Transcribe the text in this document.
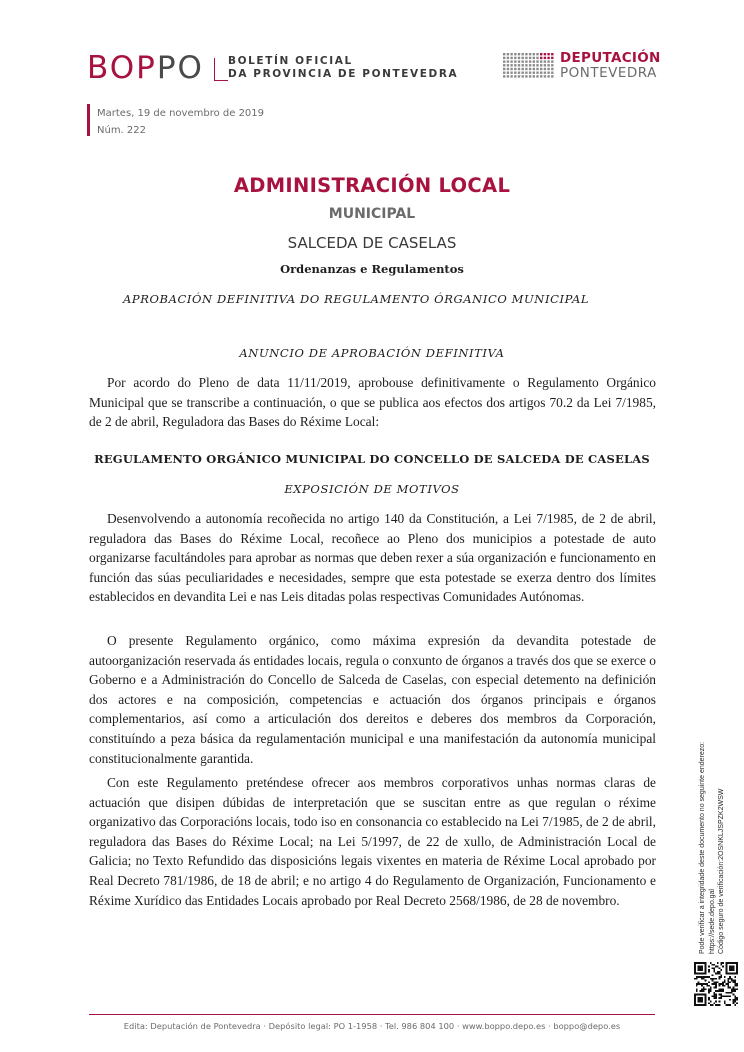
BOPPO BOLETÍN OFICIAL
DA PROVINCIA DE PONTEVEDRA
DEPUTACIÓN
PONTEVEDRA
Martes, 19 de novembro de 2019
Núm. 222
ADMINISTRACIÓN LOCAL
MUNICIPAL
SALCEDA DE CASELAS
Ordenanzas e Regulamentos
APROBACIÓN DEFINITIVA DO REGULAMENTO ÓRGANICO MUNICIPAL
ANUNCIO DE APROBACIÓN DEFINITIVA
Por acordo do Pleno de data 11/11/2019, aprobouse definitivamente o Regulamento Orgánico Municipal que se transcribe a continuación, o que se publica aos efectos dos artigos 70.2 da Lei 7/1985, de 2 de abril, Reguladora das Bases do Réxime Local:
REGULAMENTO ORGÁNICO MUNICIPAL DO CONCELLO DE SALCEDA DE CASELAS
EXPOSICIÓN DE MOTIVOS
Desenvolvendo a autonomía recoñecida no artigo 140 da Constitución, a Lei 7/1985, de 2 de abril, reguladora das Bases do Réxime Local, recoñece ao Pleno dos municipios a potestade de auto organizarse facultándoles para aprobar as normas que deben rexer a súa organización e funcionamento en función das súas peculiaridades e necesidades, sempre que esta potestade se exerza dentro dos límites establecidos en devandita Lei e nas Leis ditadas polas respectivas Comunidades Autónomas.
O presente Regulamento orgánico, como máxima expresión da devandita potestade de autoorganización reservada ás entidades locais, regula o conxunto de órganos a través dos que se exerce o Goberno e a Administración do Concello de Salceda de Caselas, con especial detemento na definición dos actores e na composición, competencias e actuación dos órganos principais e órganos complementarios, así como a articulación dos dereitos e deberes dos membros da Corporación, constituíndo a peza básica da regulamentación municipal e una manifestación da autonomía municipal constitucionalmente garantida.
Con este Regulamento preténdese ofrecer aos membros corporativos unhas normas claras de actuación que disipen dúbidas de interpretación que se suscitan entre as que regulan o réxime organizativo das Corporacións locais, todo iso en consonancia co establecido na Lei 7/1985, de 2 de abril, reguladora das Bases do Réxime Local; na Lei 5/1997, de 22 de xullo, de Administración Local de Galicia; no Texto Refundido das disposicións legais vixentes en materia de Réxime Local aprobado por Real Decreto 781/1986, de 18 de abril; e no artigo 4 do Regulamento de Organización, Funcionamento e Réxime Xurídico das Entidades Locais aprobado por Real Decreto 2568/1986, de 28 de novembro.	Pode verificar a integridade deste documento no seguinte enderezo: https://sede.depo.gal Código seguro de verificación:2OSNKLJSPZK2WSW
Edita: Deputación de Pontevedra · Depósito legal: PO 1-1958 · Tel. 986 804 100 · www.boppo.depo.es · boppo@depo.es
